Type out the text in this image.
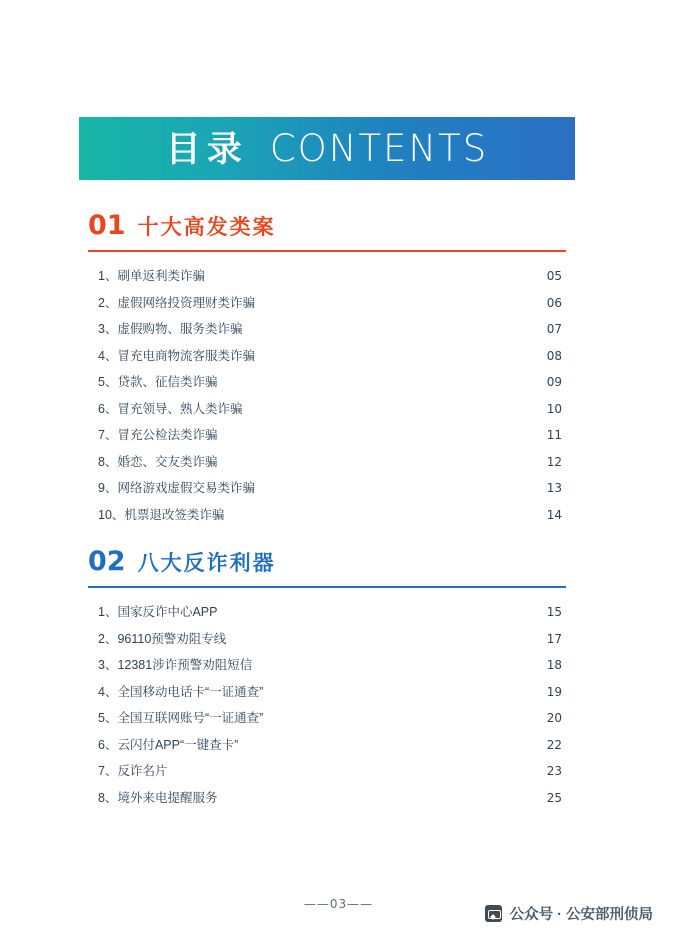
目录 CONTENTS
01 十大高发类案
1、刷单返利类诈骗	05
2、虚假网络投资理财类诈骗	06
3、虚假购物、服务类诈骗	07
4、冒充电商物流客服类诈骗	08
5、贷款、征信类诈骗	09
6、冒充领导、熟人类诈骗	10
7、冒充公检法类诈骗	11
8、婚恋、交友类诈骗	12
9、网络游戏虚假交易类诈骗	13
10、机票退改签类诈骗	14
02 八大反诈利器
1、国家反诈中心APP	15
2、96110预警劝阻专线	17
3、12381涉诈预警劝阻短信	18
4、全国移动电话卡“一证通查”	19
5、全国互联网账号“一证通查”	20
6、云闪付APP“一键查卡”	22
7、反诈名片	23
8、境外来电提醒服务	25
——03——
公众号 · 公安部刑侦局
